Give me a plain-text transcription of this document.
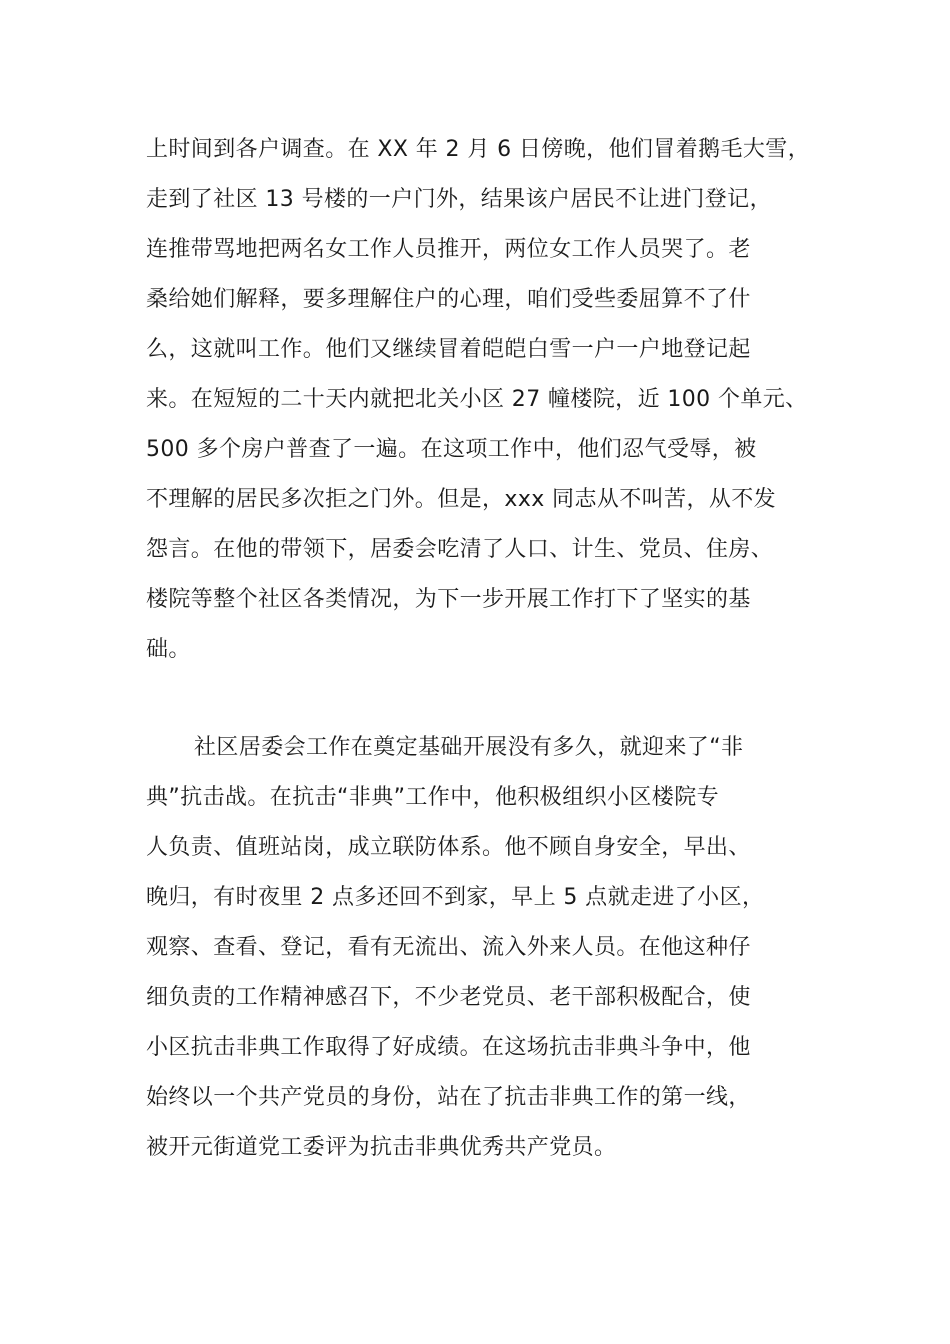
上时间到各户调查。在 XX 年 2 月 6 日傍晚，他们冒着鹅毛大雪，
走到了社区 13 号楼的一户门外，结果该户居民不让进门登记，
连推带骂地把两名女工作人员推开，两位女工作人员哭了。老
桑给她们解释，要多理解住户的心理，咱们受些委屈算不了什
么，这就叫工作。他们又继续冒着皑皑白雪一户一户地登记起
来。在短短的二十天内就把北关小区 27 幢楼院，近 100 个单元、
500 多个房户普查了一遍。在这项工作中，他们忍气受辱，被
不理解的居民多次拒之门外。但是，xxx 同志从不叫苦，从不发
怨言。在他的带领下，居委会吃清了人口、计生、党员、住房、
楼院等整个社区各类情况，为下一步开展工作打下了坚实的基
础。
社区居委会工作在奠定基础开展没有多久，就迎来了“非
典”抗击战。在抗击“非典”工作中，他积极组织小区楼院专
人负责、值班站岗，成立联防体系。他不顾自身安全，早出、
晚归，有时夜里 2 点多还回不到家，早上 5 点就走进了小区，
观察、查看、登记，看有无流出、流入外来人员。在他这种仔
细负责的工作精神感召下，不少老党员、老干部积极配合，使
小区抗击非典工作取得了好成绩。在这场抗击非典斗争中，他
始终以一个共产党员的身份，站在了抗击非典工作的第一线，
被开元街道党工委评为抗击非典优秀共产党员。
